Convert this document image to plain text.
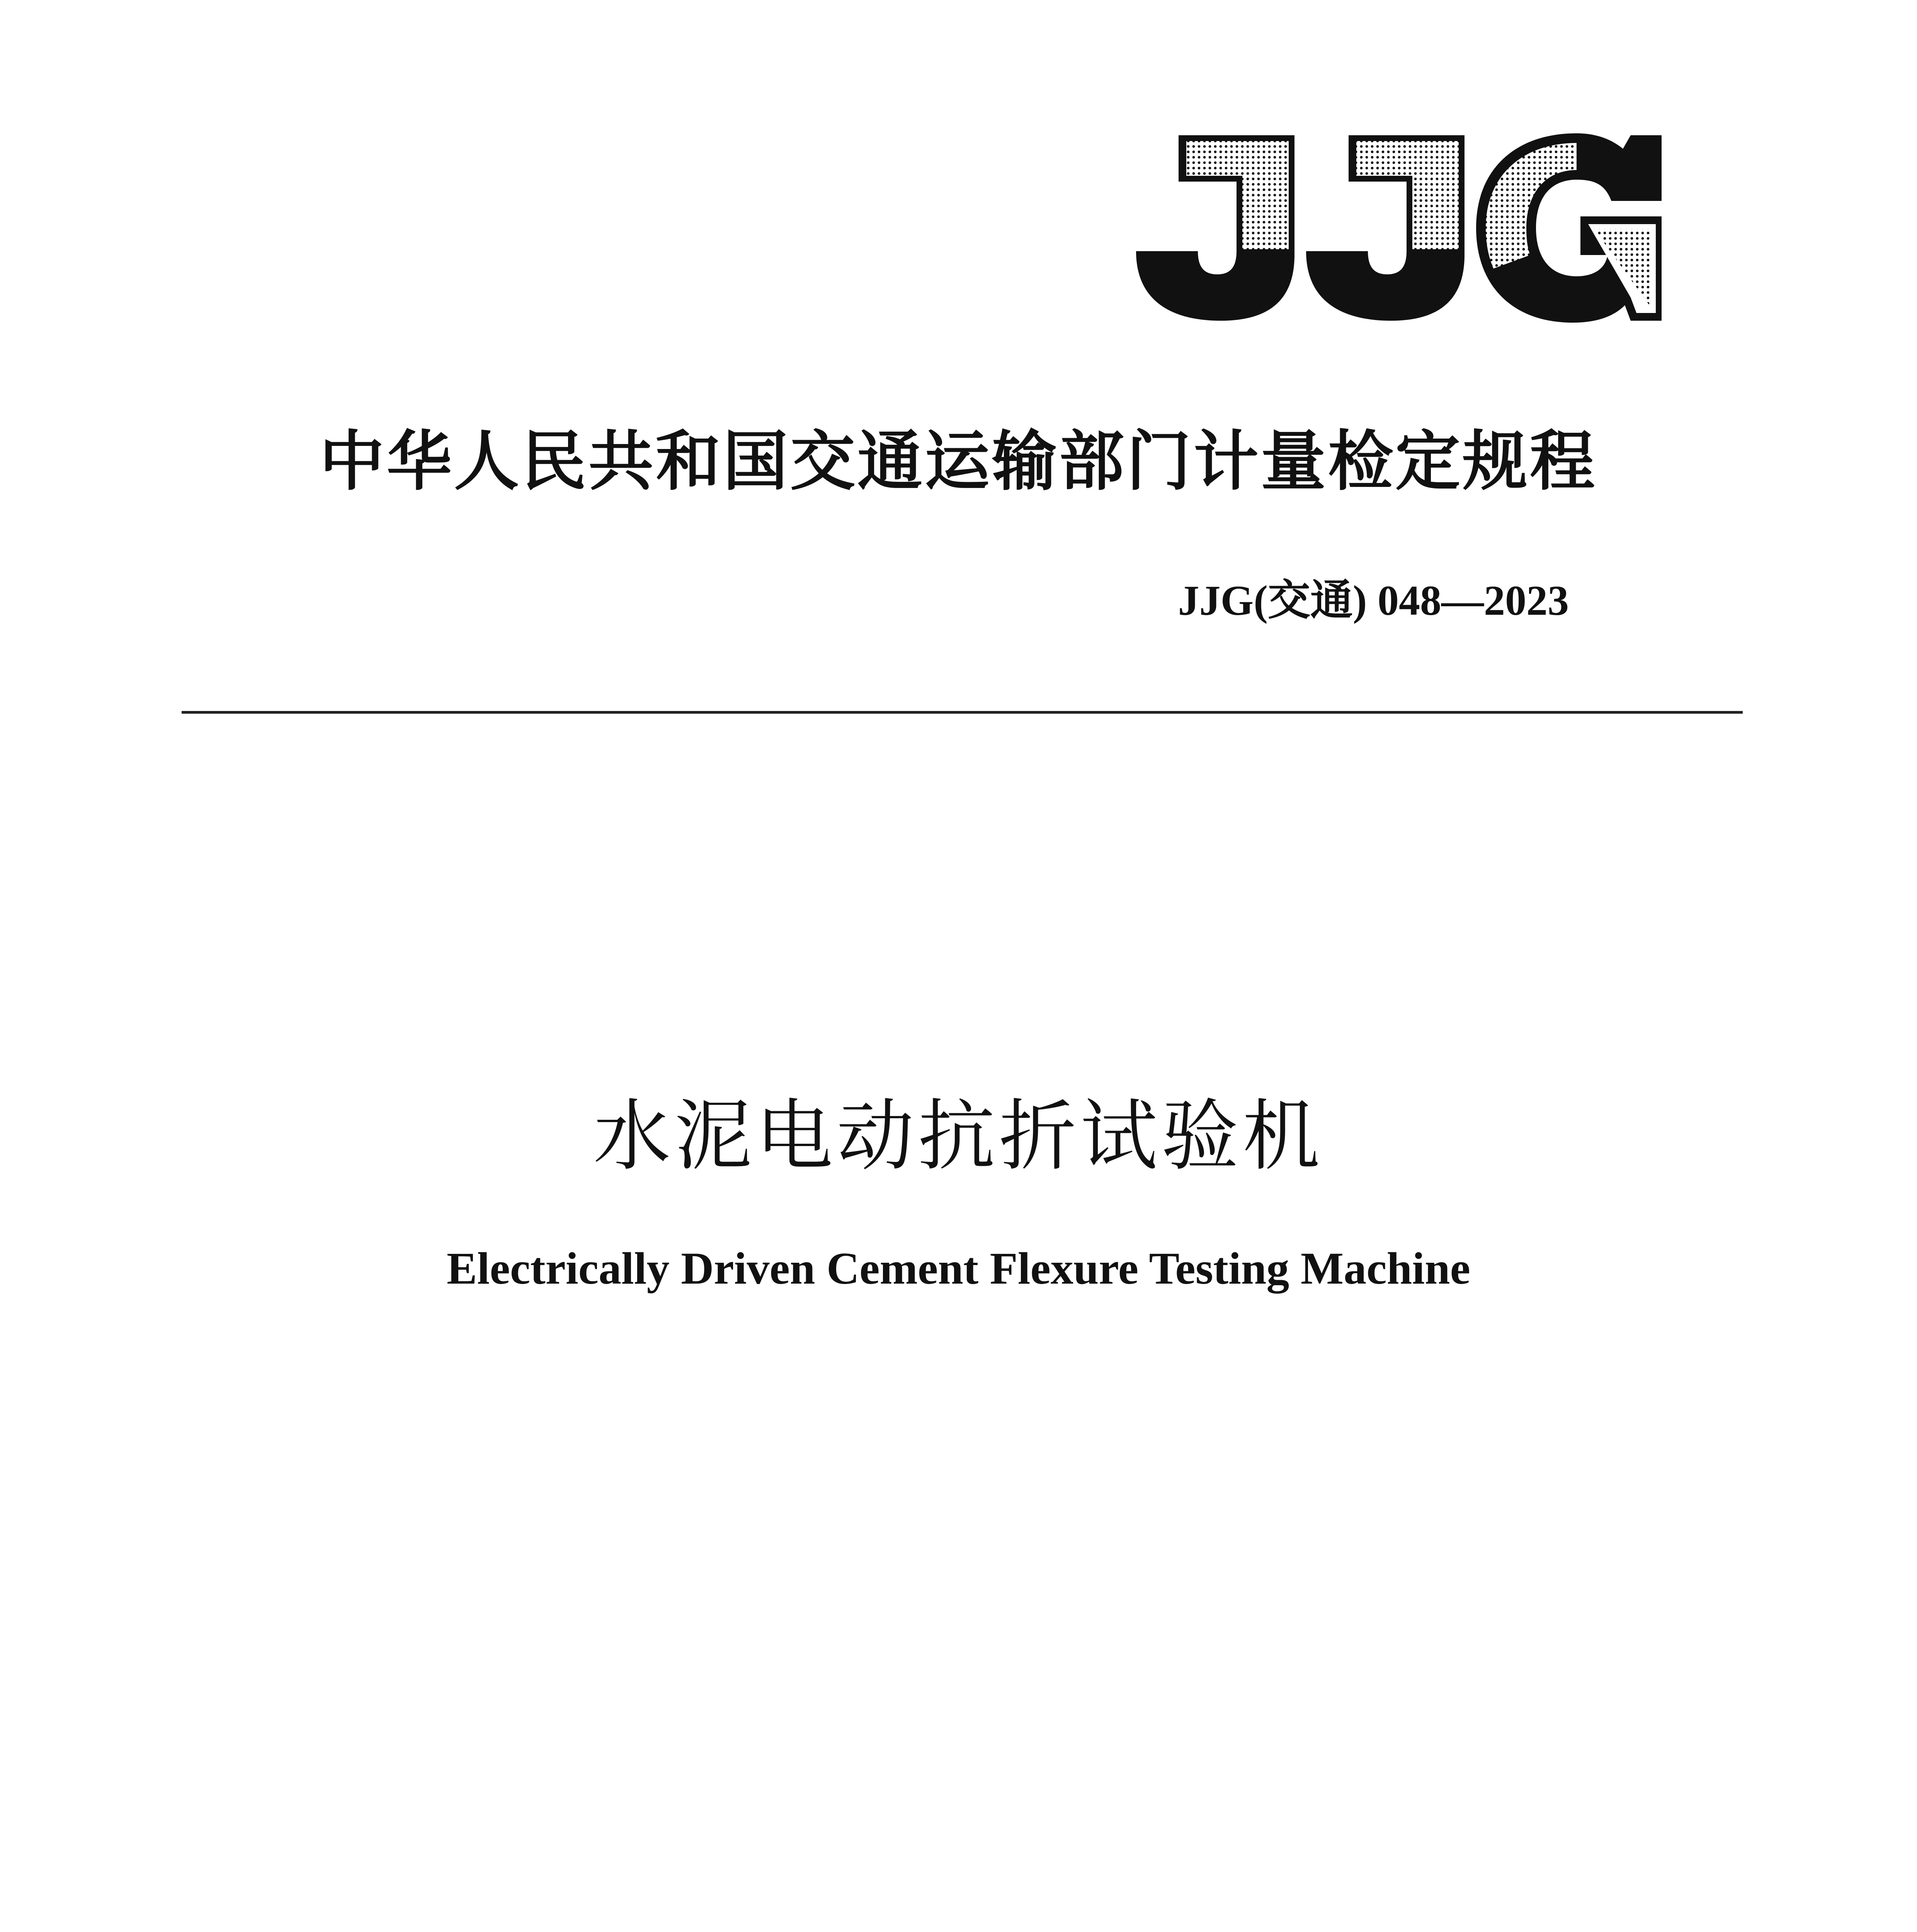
中华人民共和国交通运输部门计量检定规程
JJG(交通) 048—2023
水泥电动抗折试验机
Electrically Driven Cement Flexure Testing Machine
